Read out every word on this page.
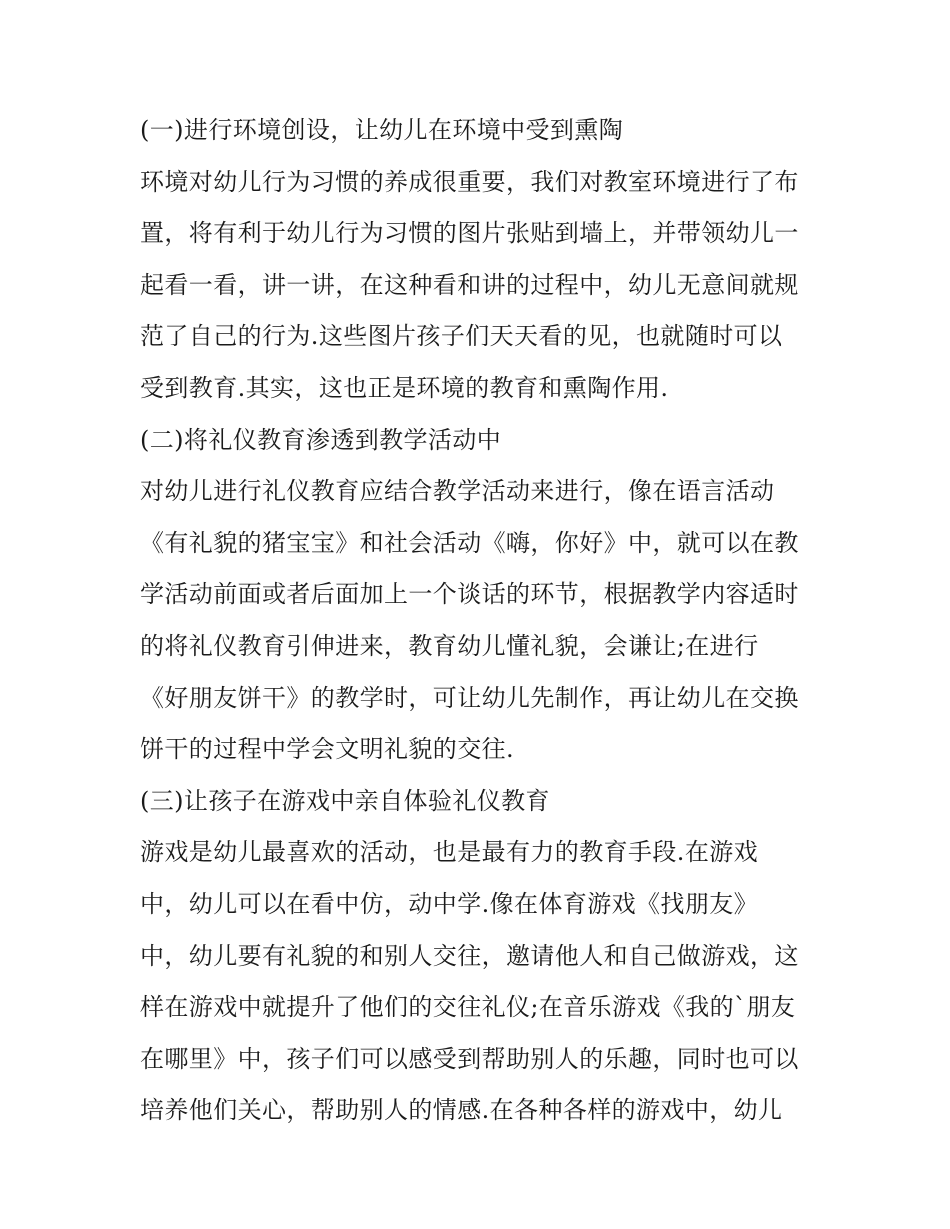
(一)进行环境创设，让幼儿在环境中受到熏陶
环境对幼儿行为习惯的养成很重要，我们对教室环境进行了布
置，将有利于幼儿行为习惯的图片张贴到墙上，并带领幼儿一
起看一看，讲一讲，在这种看和讲的过程中，幼儿无意间就规
范了自己的行为.这些图片孩子们天天看的见，也就随时可以
受到教育.其实，这也正是环境的教育和熏陶作用.
(二)将礼仪教育渗透到教学活动中
对幼儿进行礼仪教育应结合教学活动来进行，像在语言活动
《有礼貌的猪宝宝》和社会活动《嗨，你好》中，就可以在教
学活动前面或者后面加上一个谈话的环节，根据教学内容适时
的将礼仪教育引伸进来，教育幼儿懂礼貌，会谦让;在进行
《好朋友饼干》的教学时，可让幼儿先制作，再让幼儿在交换
饼干的过程中学会文明礼貌的交往.
(三)让孩子在游戏中亲自体验礼仪教育
游戏是幼儿最喜欢的活动，也是最有力的教育手段.在游戏
中，幼儿可以在看中仿，动中学.像在体育游戏《找朋友》
中，幼儿要有礼貌的和别人交往，邀请他人和自己做游戏，这
样在游戏中就提升了他们的交往礼仪;在音乐游戏《我的`朋友
在哪里》中，孩子们可以感受到帮助别人的乐趣，同时也可以
培养他们关心，帮助别人的情感.在各种各样的游戏中，幼儿
